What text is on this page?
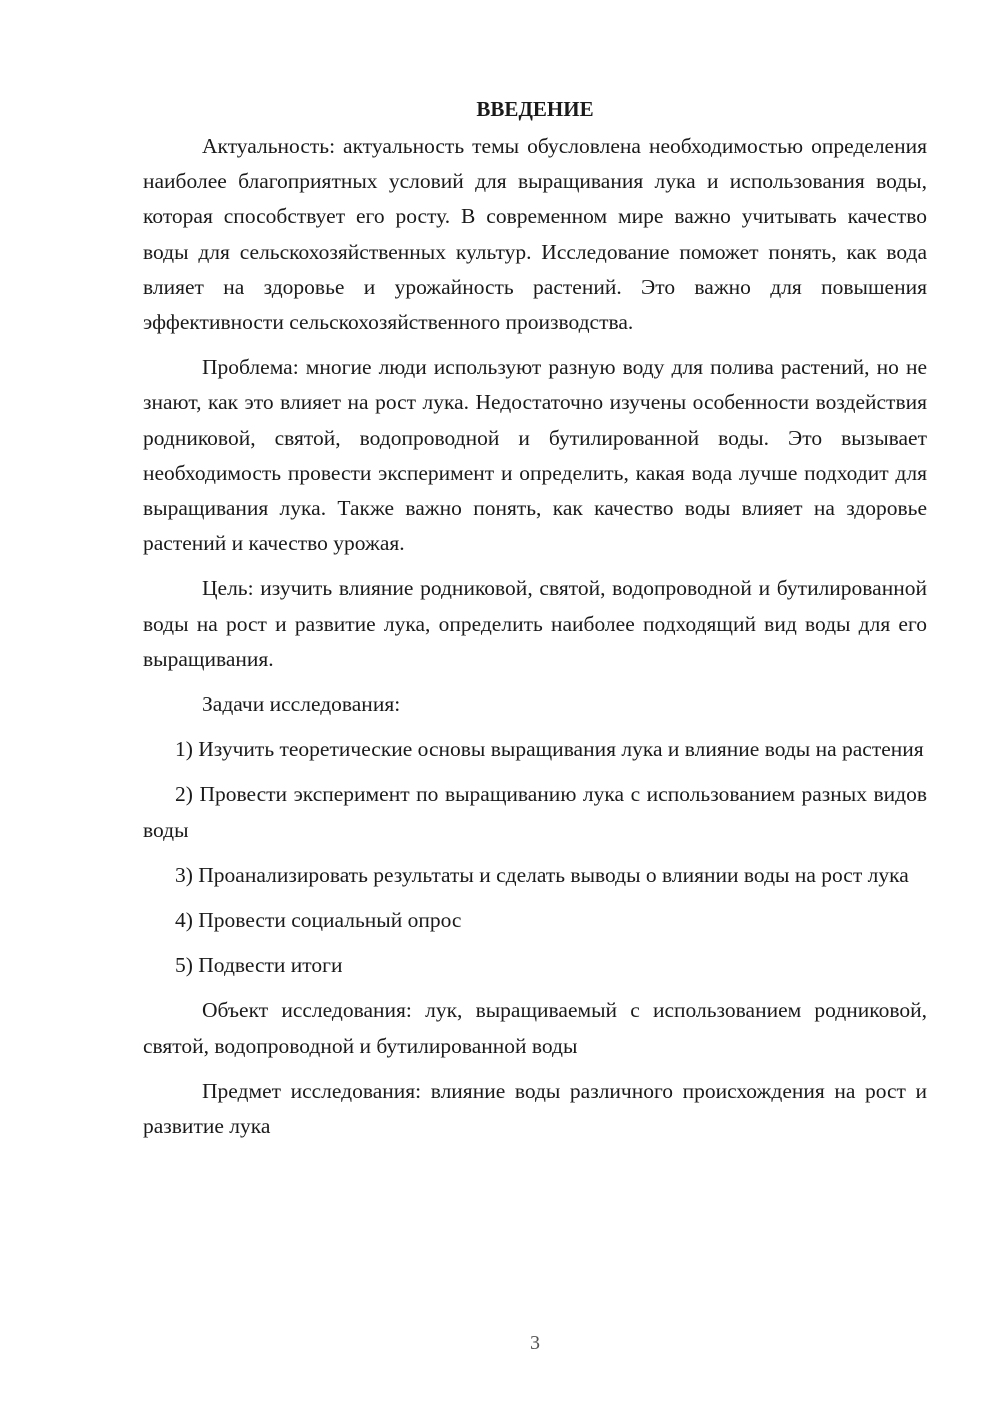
ВВЕДЕНИЕ

Актуальность: актуальность темы обусловлена необходимостью определения наиболее благоприятных условий для выращивания лука и использования воды, которая способствует его росту. В современном мире важно учитывать качество воды для сельскохозяйственных культур. Исследование поможет понять, как вода влияет на здоровье и урожайность растений. Это важно для повышения эффективности сельскохозяйственного производства.

Проблема: многие люди используют разную воду для полива растений, но не знают, как это влияет на рост лука. Недостаточно изучены особенности воздействия родниковой, святой, водопроводной и бутилированной воды. Это вызывает необходимость провести эксперимент и определить, какая вода лучше подходит для выращивания лука. Также важно понять, как качество воды влияет на здоровье растений и качество урожая.

Цель: изучить влияние родниковой, святой, водопроводной и бутилированной воды на рост и развитие лука, определить наиболее подходящий вид воды для его выращивания.

Задачи исследования:

1) Изучить теоретические основы выращивания лука и влияние воды на растения

2) Провести эксперимент по выращиванию лука с использованием разных видов воды

3) Проанализировать результаты и сделать выводы о влиянии воды на рост лука

4) Провести социальный опрос

5) Подвести итоги

Объект исследования: лук, выращиваемый с использованием родниковой, святой, водопроводной и бутилированной воды

Предмет исследования: влияние воды различного происхождения на рост и развитие лука

3
